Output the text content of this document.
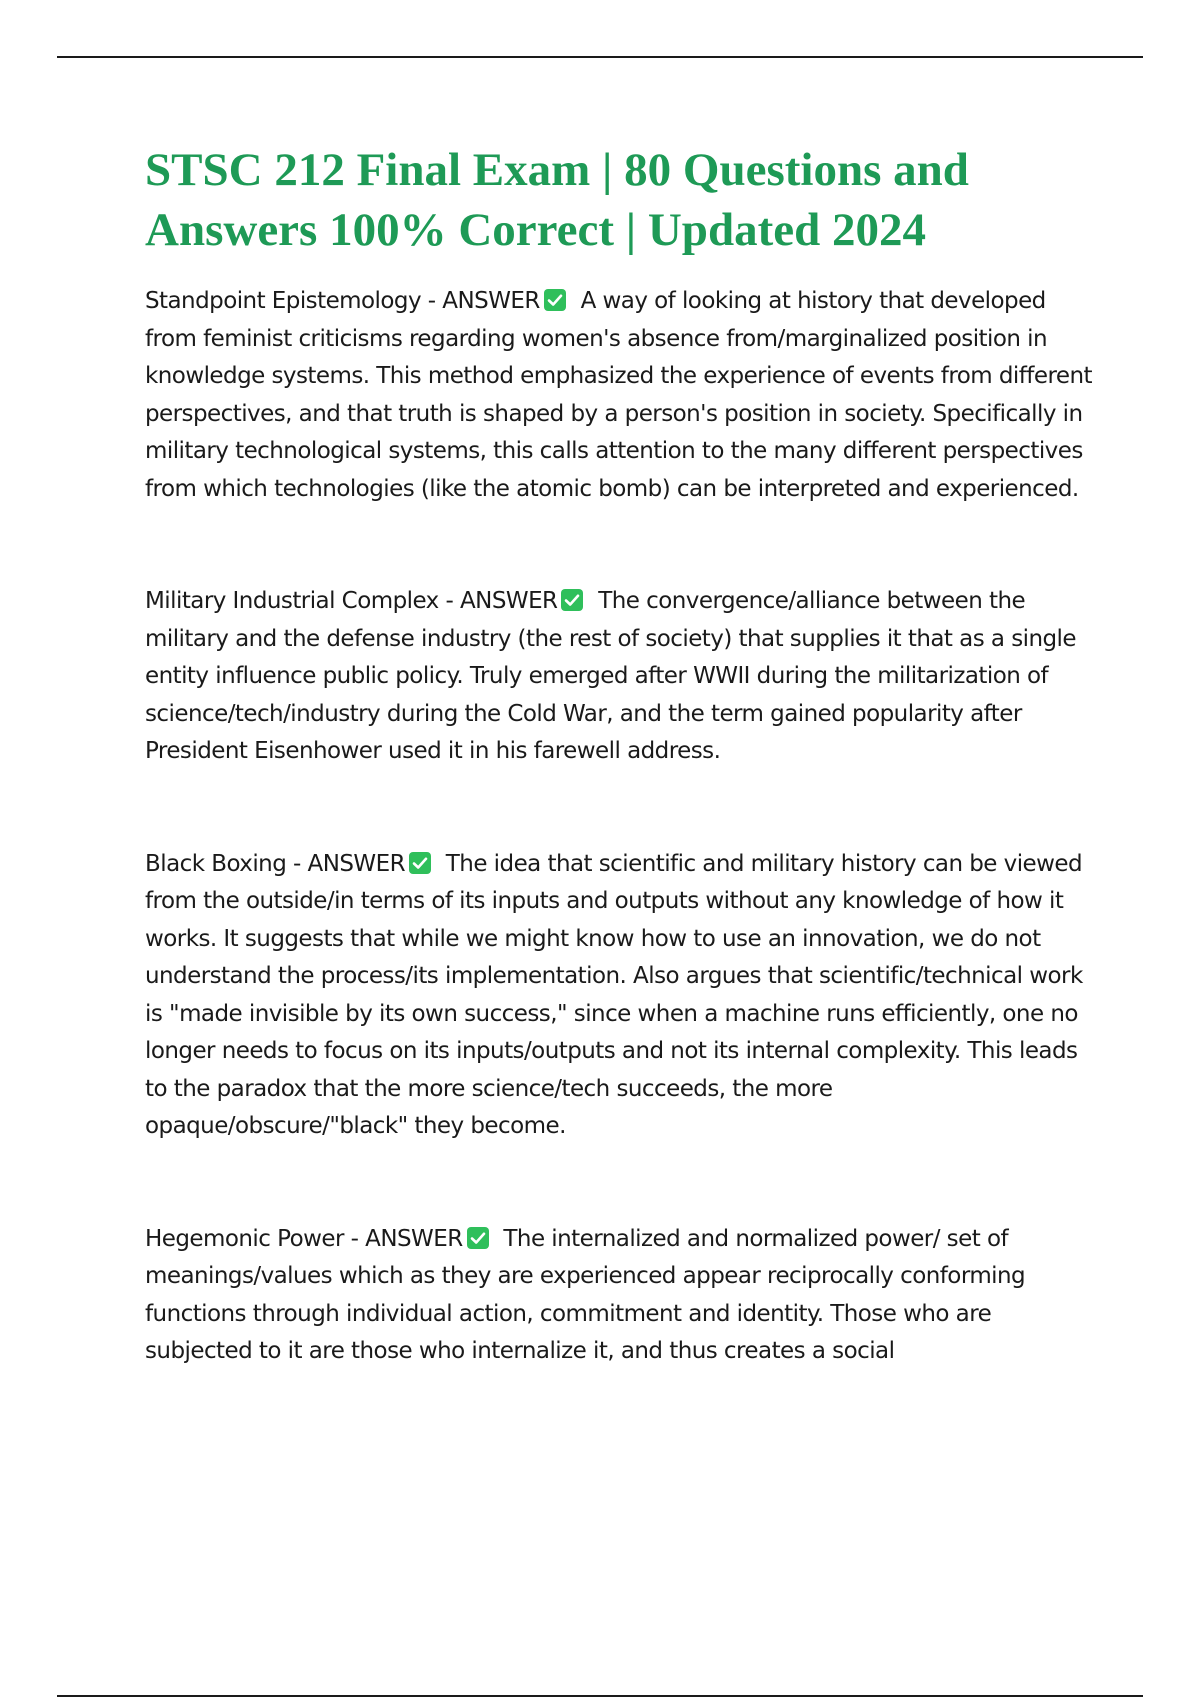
STSC 212 Final Exam | 80 Questions and Answers 100% Correct | Updated 2024

Standpoint Epistemology - ANSWER A way of looking at history that developed from feminist criticisms regarding women's absence from/marginalized position in knowledge systems. This method emphasized the experience of events from different perspectives, and that truth is shaped by a person's position in society. Specifically in military technological systems, this calls attention to the many different perspectives from which technologies (like the atomic bomb) can be interpreted and experienced.

Military Industrial Complex - ANSWER The convergence/alliance between the military and the defense industry (the rest of society) that supplies it that as a single entity influence public policy. Truly emerged after WWII during the militarization of science/tech/industry during the Cold War, and the term gained popularity after President Eisenhower used it in his farewell address.

Black Boxing - ANSWER The idea that scientific and military history can be viewed from the outside/in terms of its inputs and outputs without any knowledge of how it works. It suggests that while we might know how to use an innovation, we do not understand the process/its implementation. Also argues that scientific/technical work is "made invisible by its own success," since when a machine runs efficiently, one no longer needs to focus on its inputs/outputs and not its internal complexity. This leads to the paradox that the more science/tech succeeds, the more opaque/obscure/"black" they become.

Hegemonic Power - ANSWER The internalized and normalized power/ set of meanings/values which as they are experienced appear reciprocally conforming functions through individual action, commitment and identity. Those who are subjected to it are those who internalize it, and thus creates a social
